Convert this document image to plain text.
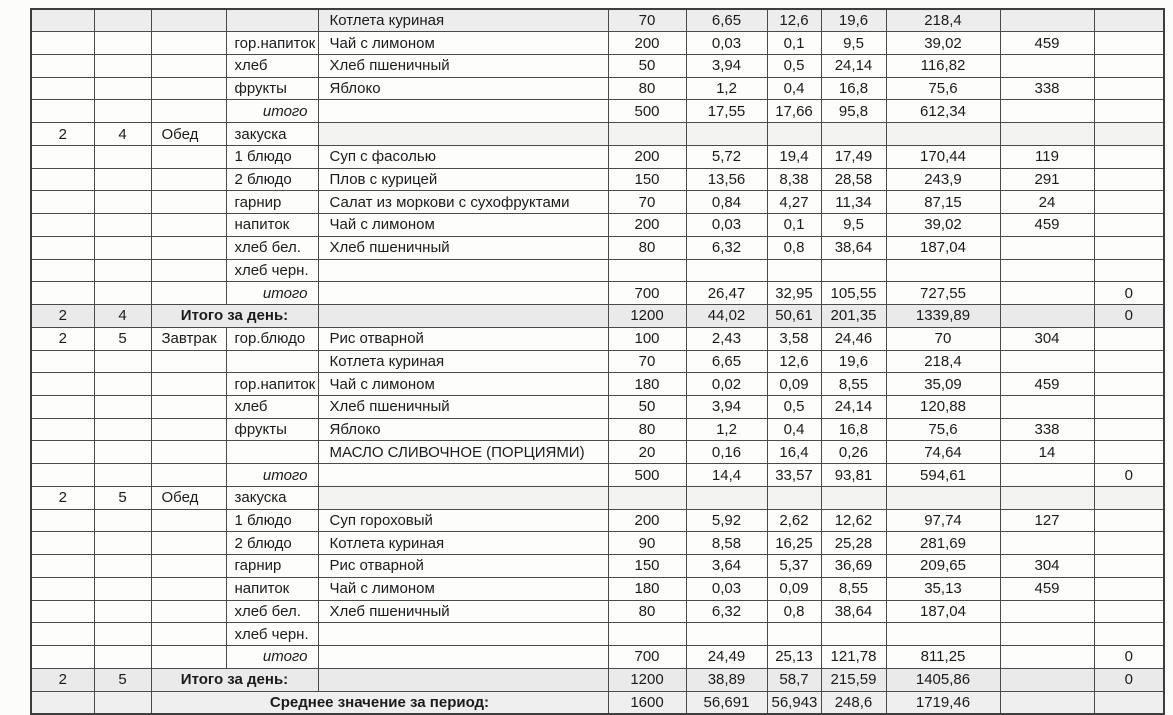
				Котлета куриная	70	6,65	12,6	19,6	218,4		
			гор.напиток	Чай с лимоном	200	0,03	0,1	9,5	39,02	459	
			хлеб	Хлеб пшеничный	50	3,94	0,5	24,14	116,82		
			фрукты	Яблоко	80	1,2	0,4	16,8	75,6	338	
			итого		500	17,55	17,66	95,8	612,34		
2	4	Обед	закуска								
			1 блюдо	Суп с фасолью	200	5,72	19,4	17,49	170,44	119	
			2 блюдо	Плов с курицей	150	13,56	8,38	28,58	243,9	291	
			гарнир	Салат из моркови с сухофруктами	70	0,84	4,27	11,34	87,15	24	
			напиток	Чай с лимоном	200	0,03	0,1	9,5	39,02	459	
			хлеб бел.	Хлеб пшеничный	80	6,32	0,8	38,64	187,04		
			хлеб черн.								
			итого		700	26,47	32,95	105,55	727,55		0
2	4	Итого за день:			1200	44,02	50,61	201,35	1339,89		0
2	5	Завтрак	гор.блюдо	Рис отварной	100	2,43	3,58	24,46	70	304	
				Котлета куриная	70	6,65	12,6	19,6	218,4		
			гор.напиток	Чай с лимоном	180	0,02	0,09	8,55	35,09	459	
			хлеб	Хлеб пшеничный	50	3,94	0,5	24,14	120,88		
			фрукты	Яблоко	80	1,2	0,4	16,8	75,6	338	
				МАСЛО СЛИВОЧНОЕ (ПОРЦИЯМИ)	20	0,16	16,4	0,26	74,64	14	
			итого		500	14,4	33,57	93,81	594,61		0
2	5	Обед	закуска								
			1 блюдо	Суп гороховый	200	5,92	2,62	12,62	97,74	127	
			2 блюдо	Котлета куриная	90	8,58	16,25	25,28	281,69		
			гарнир	Рис отварной	150	3,64	5,37	36,69	209,65	304	
			напиток	Чай с лимоном	180	0,03	0,09	8,55	35,13	459	
			хлеб бел.	Хлеб пшеничный	80	6,32	0,8	38,64	187,04		
			хлеб черн.								
			итого		700	24,49	25,13	121,78	811,25		0
2	5	Итого за день:			1200	38,89	58,7	215,59	1405,86		0
		Среднее значение за период:			1600	56,691	56,943	248,6	1719,46		
